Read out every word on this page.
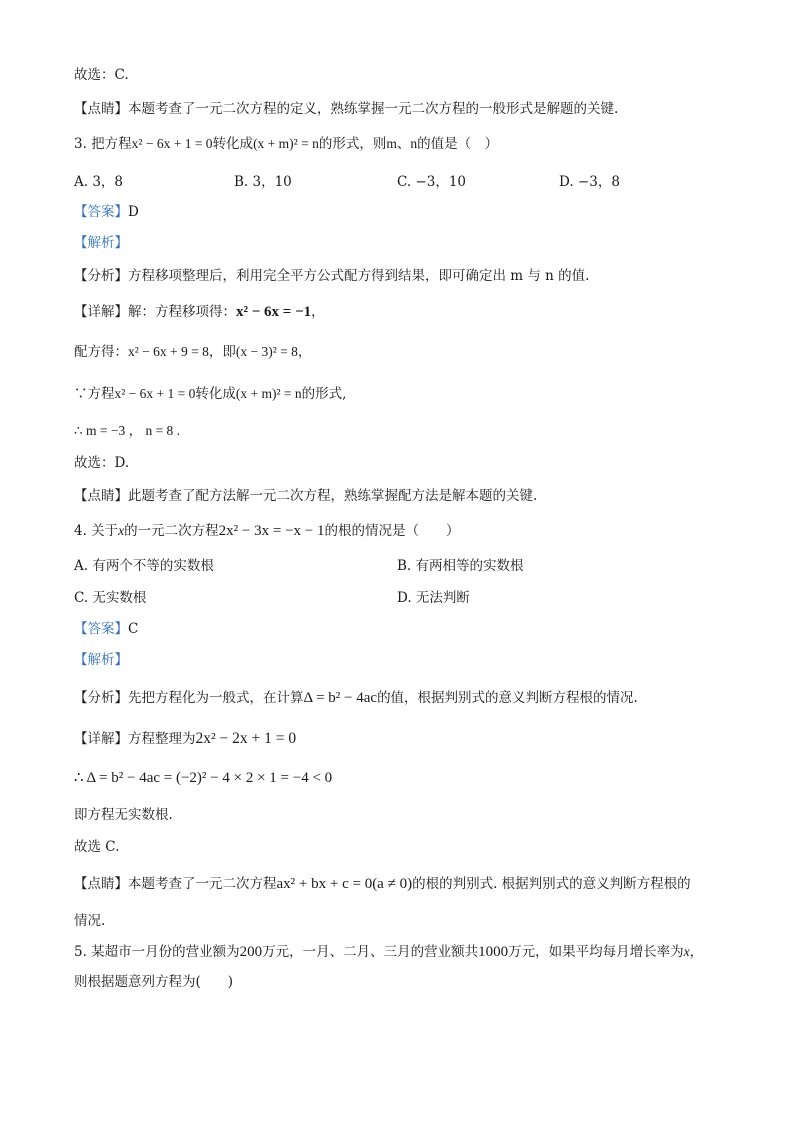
故选：C.
【点睛】本题考查了一元二次方程的定义，熟练掌握一元二次方程的一般形式是解题的关键.
3. 把方程x² − 6x + 1 = 0转化成(x + m)² = n的形式，则m、n的值是（　）
A. 3，8	B. 3，10	C. −3，10	D. −3，8
【答案】D
【解析】
【分析】方程移项整理后，利用完全平方公式配方得到结果，即可确定出 m 与 n 的值.
【详解】解：方程移项得：x² − 6x = −1，
配方得：x² − 6x + 9 = 8，即(x − 3)² = 8，
∵方程x² − 6x + 1 = 0转化成(x + m)² = n的形式,
∴ m = −3 ， n = 8 .
故选：D.
【点睛】此题考查了配方法解一元二次方程，熟练掌握配方法是解本题的关键.
4. 关于x的一元二次方程2x² − 3x = −x − 1的根的情况是（　　）
A. 有两个不等的实数根	B. 有两相等的实数根
C. 无实数根	D. 无法判断
【答案】C
【解析】
【分析】先把方程化为一般式，在计算Δ = b² − 4ac的值，根据判别式的意义判断方程根的情况.
【详解】方程整理为2x² − 2x + 1 = 0
∴ Δ = b² − 4ac = (−2)² − 4 × 2 × 1 = −4 < 0
即方程无实数根.
故选 C.
【点睛】本题考查了一元二次方程ax² + bx + c = 0(a ≠ 0)的根的判别式. 根据判别式的意义判断方程根的
情况.
5. 某超市一月份的营业额为200万元，一月、二月、三月的营业额共1000万元，如果平均每月增长率为x，
则根据题意列方程为(　　)
